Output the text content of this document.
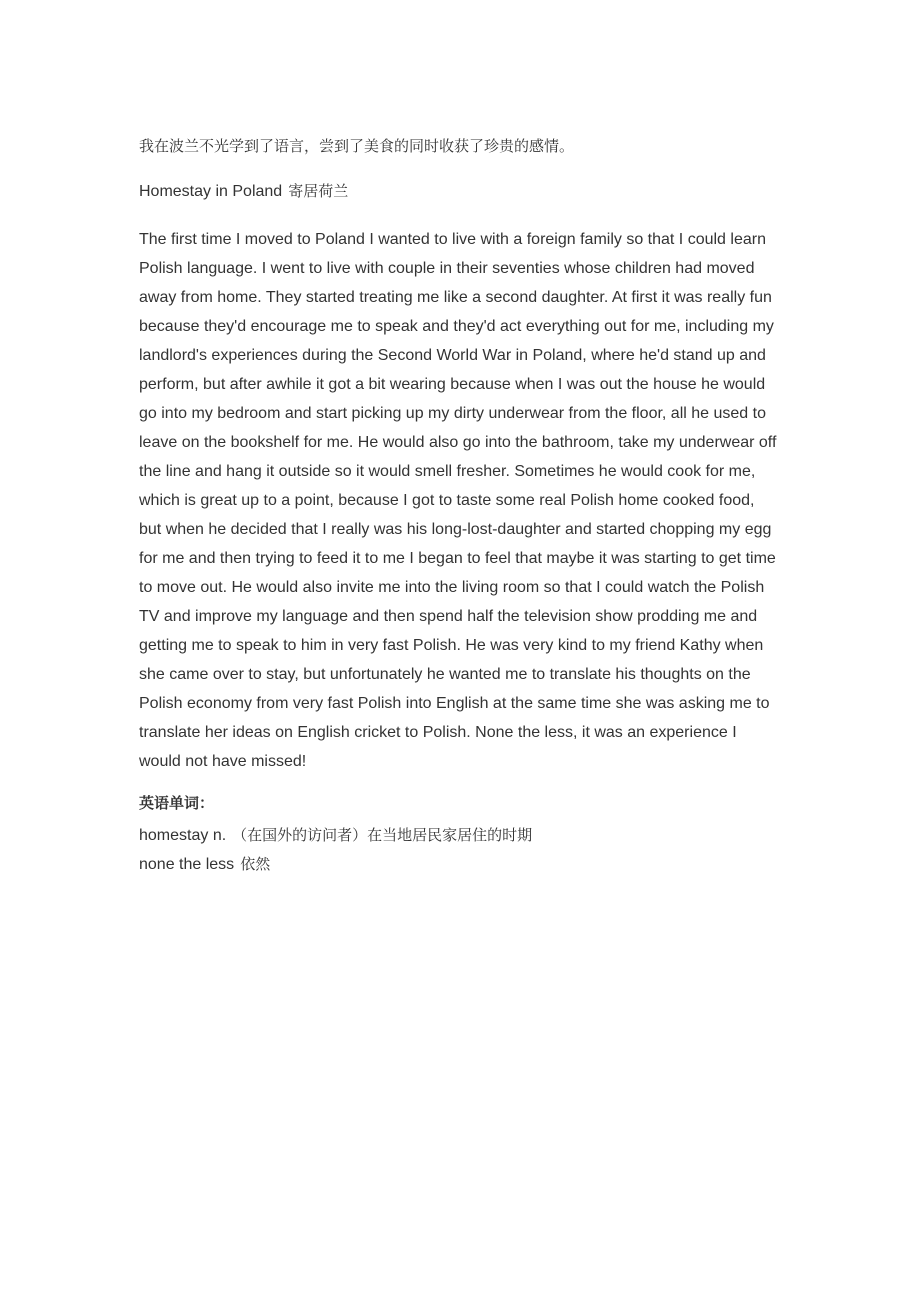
我在波兰不光学到了语言，尝到了美食的同时收获了珍贵的感情。
Homestay in Poland 寄居荷兰
The first time I moved to Poland I wanted to live with a foreign family so that I could learn
Polish language. I went to live with couple in their seventies whose children had moved
away from home. They started treating me like a second daughter. At first it was really fun
because they'd encourage me to speak and they'd act everything out for me, including my
landlord's experiences during the Second World War in Poland, where he'd stand up and
perform, but after awhile it got a bit wearing because when I was out the house he would
go into my bedroom and start picking up my dirty underwear from the floor, all he used to
leave on the bookshelf for me. He would also go into the bathroom, take my underwear off
the line and hang it outside so it would smell fresher. Sometimes he would cook for me,
which is great up to a point, because I got to taste some real Polish home cooked food,
but when he decided that I really was his long-lost-daughter and started chopping my egg
for me and then trying to feed it to me I began to feel that maybe it was starting to get time
to move out. He would also invite me into the living room so that I could watch the Polish
TV and improve my language and then spend half the television show prodding me and
getting me to speak to him in very fast Polish. He was very kind to my friend Kathy when
she came over to stay, but unfortunately he wanted me to translate his thoughts on the
Polish economy from very fast Polish into English at the same time she was asking me to
translate her ideas on English cricket to Polish. None the less, it was an experience I
would not have missed!
英语单词：
homestay n. （在国外的访问者）在当地居民家居住的时期
none the less 依然
